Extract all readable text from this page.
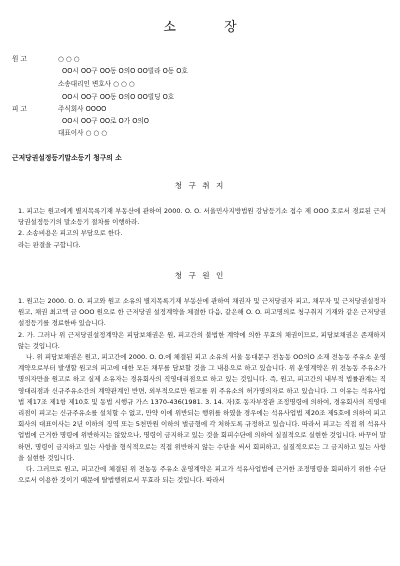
소 장
원 고	○ ○ ○
OO시 OO구 OO동 O의O OO빌라 O동 O호
소송대리인 변호사 ○ ○ ○
OO시 OO구 OO동 O의O OO빌딩 O호
피 고	주식회사 OOOO
OO시 OO구 OO로 O가 O의O
대표이사 ○ ○ ○
근저당권설정등기말소등기 청구의 소
청 구 취 지

1. 피고는 원고에게 별지목록기재 부동산에 관하여 2000. O. O. 서울민사지방법원 강남등기소 접수 제 OOO 호로서 경료된 근저당권설정등기의 말소등기 절차를 이행하라.

2. 소송비용은 피고의 부담으로 한다.

라는 판결을 구합니다.

청 구 원 인

1. 원고는 2000. O. O. 피고와 원고 소유의 별지목록기재 부동산에 관하여 채권자 및 근저당권자 피고, 채무자 및 근저당권설정자 원고, 채권 최고액 금 OOO 원으로 한 근저당권 설정계약을 체결한 다음, 같은해 O. O. 피고명의로 청구취지 기재와 같은 근저당권 설정등기를 경료한바 있습니다.

2. 가. 그러나 위 근저당권설정계약은 피담보채권은 원, 피고간의 불법한 계약에 의한 무효의 채권이므로, 피담보채권은 존재하지 않는 것입니다.

나. 위 피담보채권은 원고, 피고간에 2000. O. O.에 체결된 피고 소유의 서울 동대문구 전농동 OO의O 소재 전농동 주유소 운영계약으로부터 발생할 원고의 피고에 대한 모든 채무를 담보할 것을 그 내용으로 하고 있습니다. 위 운영계약은 위 전농동 주유소가 명의자만을 원고로 하고 실제 소유자는 경유회사의 직영대리점으로 하고 있는 것입니다. 즉, 원고, 피고간의 내부적 법률관계는 직영대리점과 신규주유소간의 계약관계인 반면, 외부적으로만 원고를 위 주유소의 허가명의자로 하고 있습니다. 그 이유는 석유사업법 제17조 제1항 제10호 및 동법 시행규 가스 1370-436(1981. 3. 14. 자)호 동자부장관 조정명령에 의하여, 경유회사의 직영대리점이 피고는 신규주유소를 설치할 수 없고, 만약 이에 위반되는 행위를 하였을 경우에는 석유사업법 제20조 제5호에 의하여 피고회사의 대표이사는 2년 이하의 징역 또는 5천만원 이하의 벌금형에 각 처하도록 규정하고 있습니다. 따라서 피고는 직접 위 석유사업법에 근거한 명령에 위반하지는 않았으나, 명령이 금지하고 있는 것을 회피수단에 의하여 실질적으로 실현한 것입니다. 바꾸어 말하면, 명령이 금지하고 있는 사항을 형식적으로는 직접 위반하지 않는 수단을 써서 회피하고, 실질적으로는 그 금지하고 있는 사항을 실현한 것입니다.

다. 그러므로 원고, 피고간에 체결된 위 전농동 주유소 운영계약은 피고가 석유사업법에 근거한 조정명령을 회피하기 위한 수단으로서 이용한 것이기 때문에 탈법행위로서 무효라 되는 것입니다. 따라서
